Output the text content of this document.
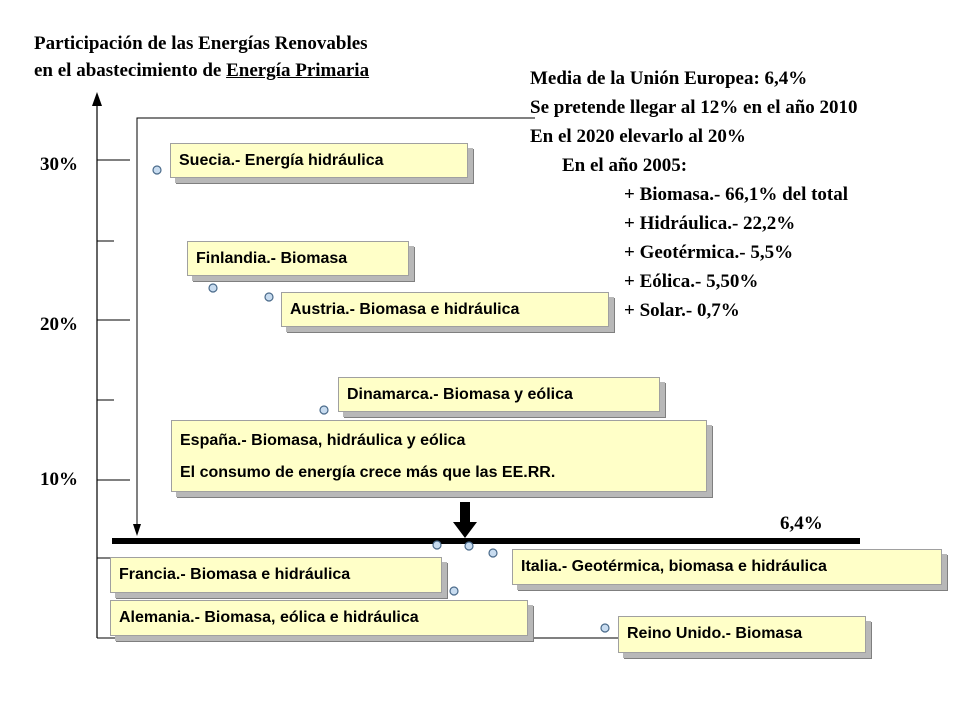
Participación de las Energías Renovables
en el abastecimiento de Energía Primaria	Media de la Unión Europea: 6,4%
Se pretende llegar al 12% en el año 2010
En el 2020 elevarlo al 20%
En el año 2005:
+ Biomasa.- 66,1% del total
+ Hidráulica.- 22,2%
+ Geotérmica.- 5,5%
+ Eólica.- 5,50%
+ Solar.- 0,7%
30%
20%
10%
6,4%
Suecia.- Energía hidráulica
Finlandia.- Biomasa
Austria.- Biomasa e hidráulica
Dinamarca.- Biomasa y eólica
España.- Biomasa, hidráulica y eólica
El consumo de energía crece más que las EE.RR.
Francia.- Biomasa e hidráulica
Alemania.- Biomasa, eólica e hidráulica
Italia.- Geotérmica, biomasa e hidráulica
Reino Unido.- Biomasa
